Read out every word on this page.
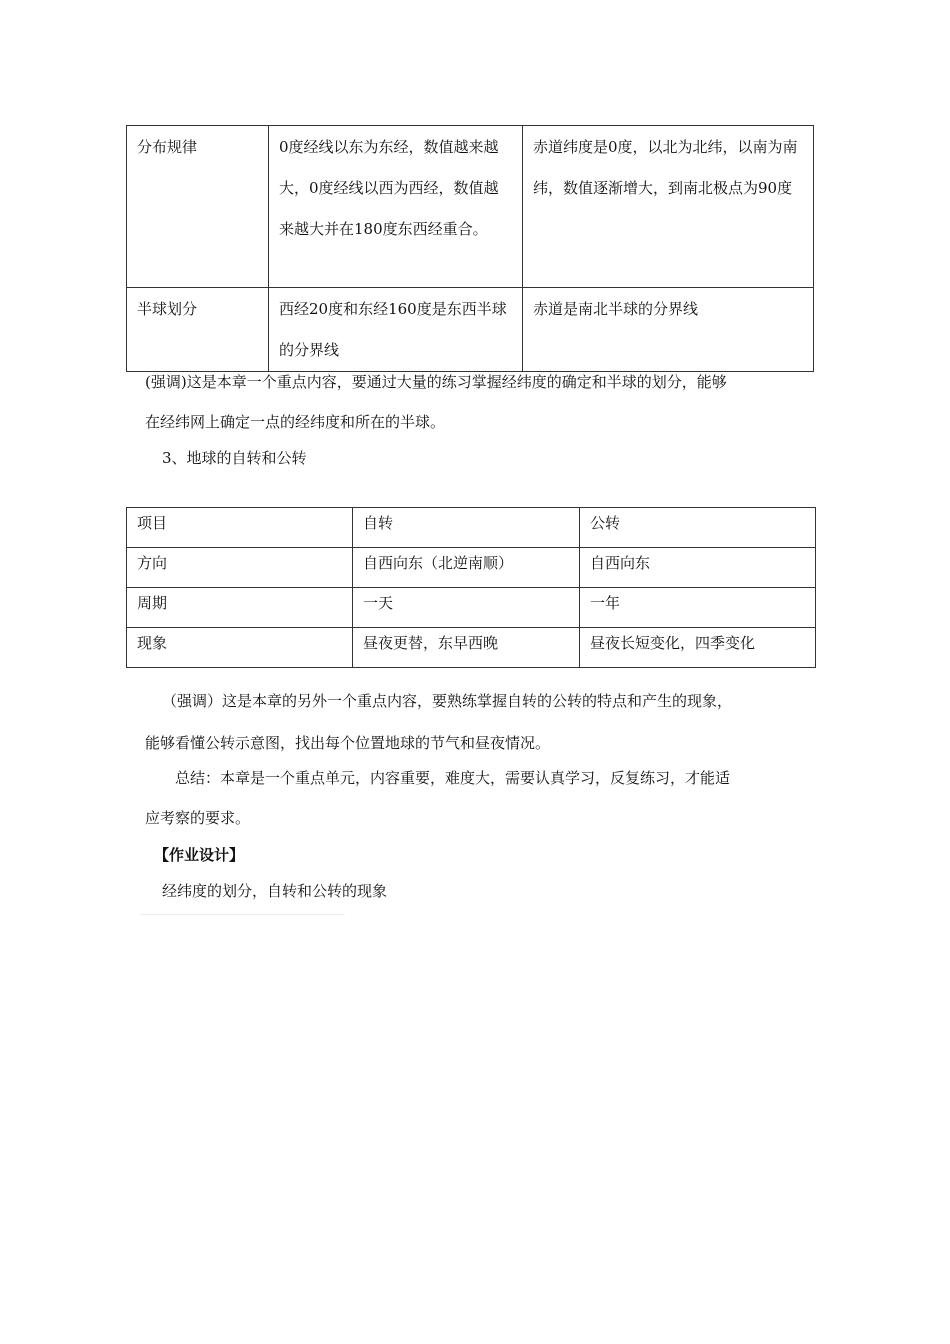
分布规律	0度经线以东为东经，数值越来越大，0度经线以西为西经，数值越来越大并在180度东西经重合。	赤道纬度是0度，以北为北纬，以南为南纬，数值逐渐增大，到南北极点为90度
半球划分	西经20度和东经160度是东西半球的分界线	赤道是南北半球的分界线
(强调)这是本章一个重点内容，要通过大量的练习掌握经纬度的确定和半球的划分，能够
在经纬网上确定一点的经纬度和所在的半球。
3、地球的自转和公转
项目	自转	公转
方向	自西向东（北逆南顺）	自西向东
周期	一天	一年
现象	昼夜更替，东早西晚	昼夜长短变化，四季变化
（强调）这是本章的另外一个重点内容，要熟练掌握自转的公转的特点和产生的现象，
能够看懂公转示意图，找出每个位置地球的节气和昼夜情况。
总结：本章是一个重点单元，内容重要，难度大，需要认真学习，反复练习，才能适
应考察的要求。
【作业设计】
经纬度的划分，自转和公转的现象
